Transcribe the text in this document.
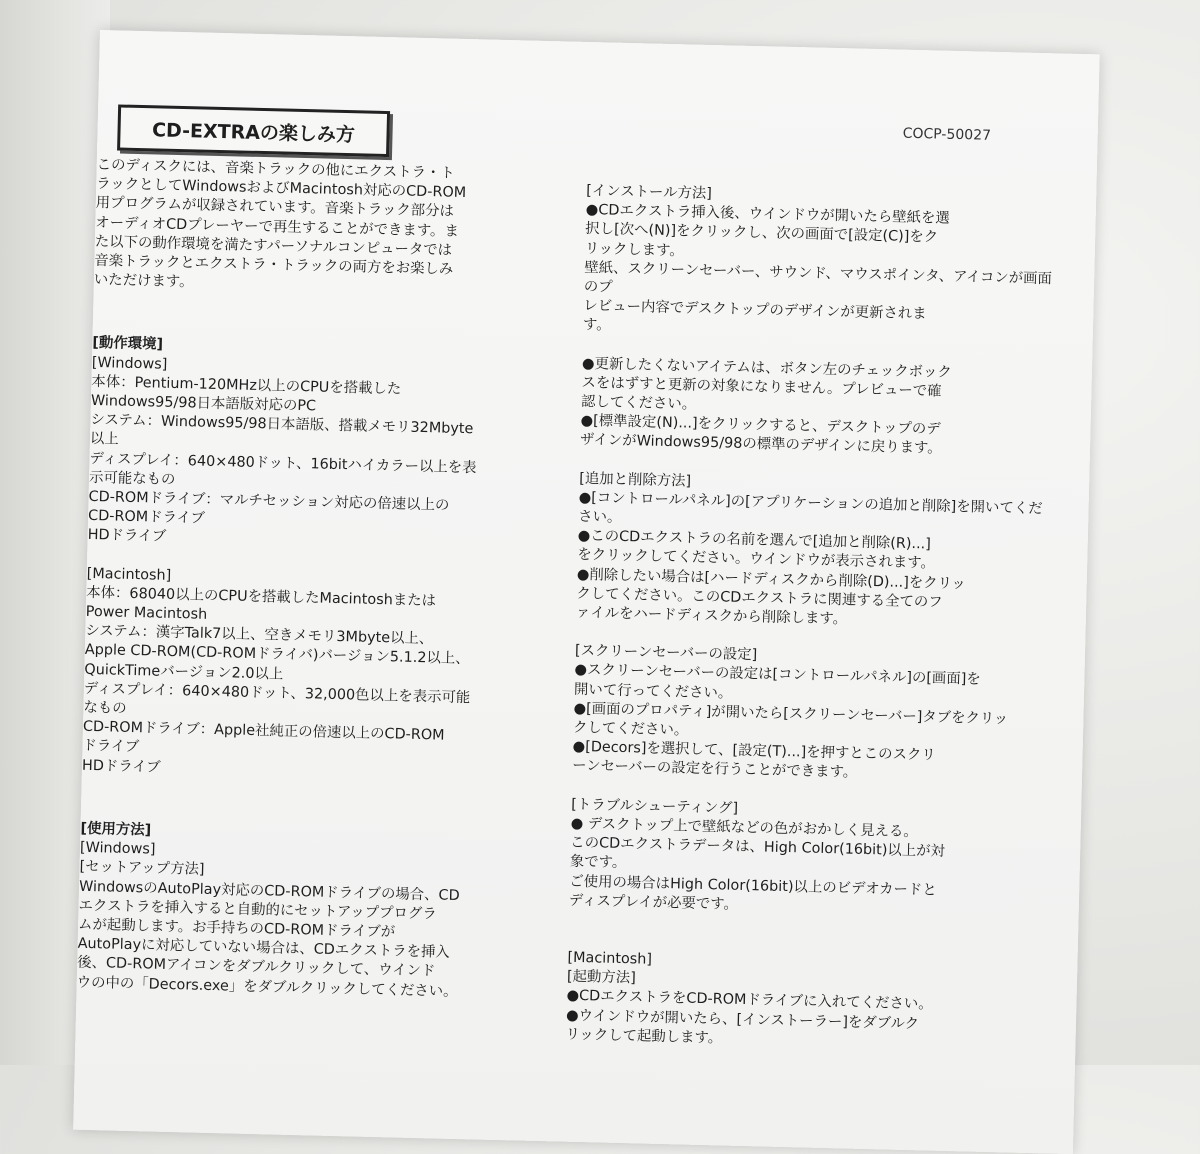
CD-EXTRAの楽しみ方	COCP-50027
このディスクには、音楽トラックの他にエクストラ・ト
ラックとしてWindowsおよびMacintosh対応のCD-ROM
用プログラムが収録されています。音楽トラック部分は
オーディオCDプレーヤーで再生することができます。ま
た以下の動作環境を満たすパーソナルコンピュータでは
音楽トラックとエクストラ・トラックの両方をお楽しみ
いただけます。
[動作環境]
[Windows]
本体：Pentium-120MHz以上のCPUを搭載した
Windows95/98日本語版対応のPC
システム：Windows95/98日本語版、搭載メモリ32Mbyte
以上
ディスプレイ：640×480ドット、16bitハイカラー以上を表
示可能なもの
CD-ROMドライブ：マルチセッション対応の倍速以上の
CD-ROMドライブ
HDドライブ
[Macintosh]
本体：68040以上のCPUを搭載したMacintoshまたは
Power Macintosh
システム：漢字Talk7以上、空きメモリ3Mbyte以上、
Apple CD-ROM(CD-ROMドライバ)バージョン5.1.2以上、
QuickTimeバージョン2.0以上
ディスプレイ：640×480ドット、32,000色以上を表示可能
なもの
CD-ROMドライブ：Apple社純正の倍速以上のCD-ROM
ドライブ
HDドライブ
[使用方法]
[Windows]
[セットアップ方法]
WindowsのAutoPlay対応のCD-ROMドライブの場合、CD
エクストラを挿入すると自動的にセットアッププログラ
ムが起動します。お手持ちのCD-ROMドライブが
AutoPlayに対応していない場合は、CDエクストラを挿入
後、CD-ROMアイコンをダブルクリックして、ウインド
ウの中の「Decors.exe」をダブルクリックしてください。
[インストール方法]
●CDエクストラ挿入後、ウインドウが開いたら壁紙を選
択し[次へ(N)]をクリックし、次の画面で[設定(C)]をク
リックします。
壁紙、スクリーンセーバー、サウンド、マウスポインタ、アイコンが画面のプ
レビュー内容でデスクトップのデザインが更新されま
す。
●更新したくないアイテムは、ボタン左のチェックボック
スをはずすと更新の対象になりません。プレビューで確
認してください。
●[標準設定(N)...]をクリックすると、デスクトップのデ
ザインがWindows95/98の標準のデザインに戻ります。
[追加と削除方法]
●[コントロールパネル]の[アプリケーションの追加と削除]を開いてくだ
さい。
●このCDエクストラの名前を選んで[追加と削除(R)...]
をクリックしてください。ウインドウが表示されます。
●削除したい場合は[ハードディスクから削除(D)...]をクリッ
クしてください。このCDエクストラに関連する全てのフ
ァイルをハードディスクから削除します。
[スクリーンセーバーの設定]
●スクリーンセーバーの設定は[コントロールパネル]の[画面]を
開いて行ってください。
●[画面のプロパティ]が開いたら[スクリーンセーバー]タブをクリッ
クしてください。
●[Decors]を選択して、[設定(T)...]を押すとこのスクリ
ーンセーバーの設定を行うことができます。
[トラブルシューティング]
● デスクトップ上で壁紙などの色がおかしく見える。
このCDエクストラデータは、High Color(16bit)以上が対
象です。
ご使用の場合はHigh Color(16bit)以上のビデオカードと
ディスプレイが必要です。
[Macintosh]
[起動方法]
●CDエクストラをCD-ROMドライブに入れてください。
●ウインドウが開いたら、[インストーラー]をダブルク
リックして起動します。
